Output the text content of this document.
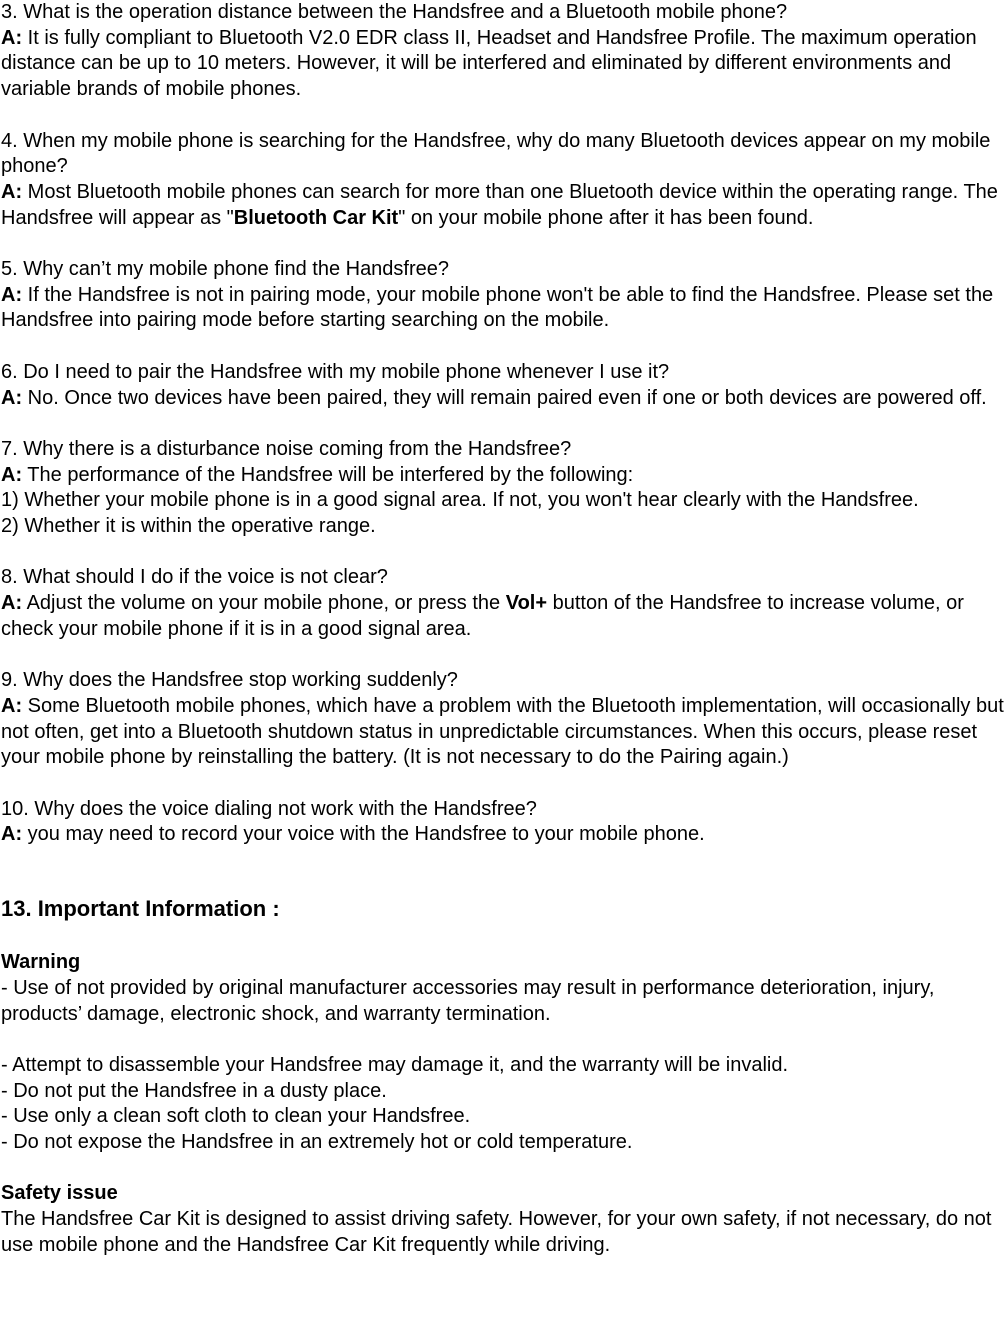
3. What is the operation distance between the Handsfree and a Bluetooth mobile phone?

A: It is fully compliant to Bluetooth V2.0 EDR class II, Headset and Handsfree Profile. The maximum operation distance can be up to 10 meters. However, it will be interfered and eliminated by different environments and variable brands of mobile phones.

4. When my mobile phone is searching for the Handsfree, why do many Bluetooth devices appear on my mobile phone?

A: Most Bluetooth mobile phones can search for more than one Bluetooth device within the operating range. The Handsfree will appear as "Bluetooth Car Kit" on your mobile phone after it has been found.

5. Why can’t my mobile phone find the Handsfree?

A: If the Handsfree is not in pairing mode, your mobile phone won't be able to find the Handsfree. Please set the Handsfree into pairing mode before starting searching on the mobile.

6. Do I need to pair the Handsfree with my mobile phone whenever I use it?

A: No. Once two devices have been paired, they will remain paired even if one or both devices are powered off.

7. Why there is a disturbance noise coming from the Handsfree?

A: The performance of the Handsfree will be interfered by the following:

1) Whether your mobile phone is in a good signal area. If not, you won't hear clearly with the Handsfree.

2) Whether it is within the operative range.

8. What should I do if the voice is not clear?

A: Adjust the volume on your mobile phone, or press the Vol+ button of the Handsfree to increase volume, or check your mobile phone if it is in a good signal area.

9. Why does the Handsfree stop working suddenly?

A: Some Bluetooth mobile phones, which have a problem with the Bluetooth implementation, will occasionally but not often, get into a Bluetooth shutdown status in unpredictable circumstances. When this occurs, please reset your mobile phone by reinstalling the battery. (It is not necessary to do the Pairing again.)

10. Why does the voice dialing not work with the Handsfree?

A: you may need to record your voice with the Handsfree to your mobile phone.

13. Important Information :

Warning

- Use of not provided by original manufacturer accessories may result in performance deterioration, injury, products’ damage, electronic shock, and warranty termination.

- Attempt to disassemble your Handsfree may damage it, and the warranty will be invalid.

- Do not put the Handsfree in a dusty place.

- Use only a clean soft cloth to clean your Handsfree.

- Do not expose the Handsfree in an extremely hot or cold temperature.

Safety issue

The Handsfree Car Kit is designed to assist driving safety. However, for your own safety, if not necessary, do not use mobile phone and the Handsfree Car Kit frequently while driving.
